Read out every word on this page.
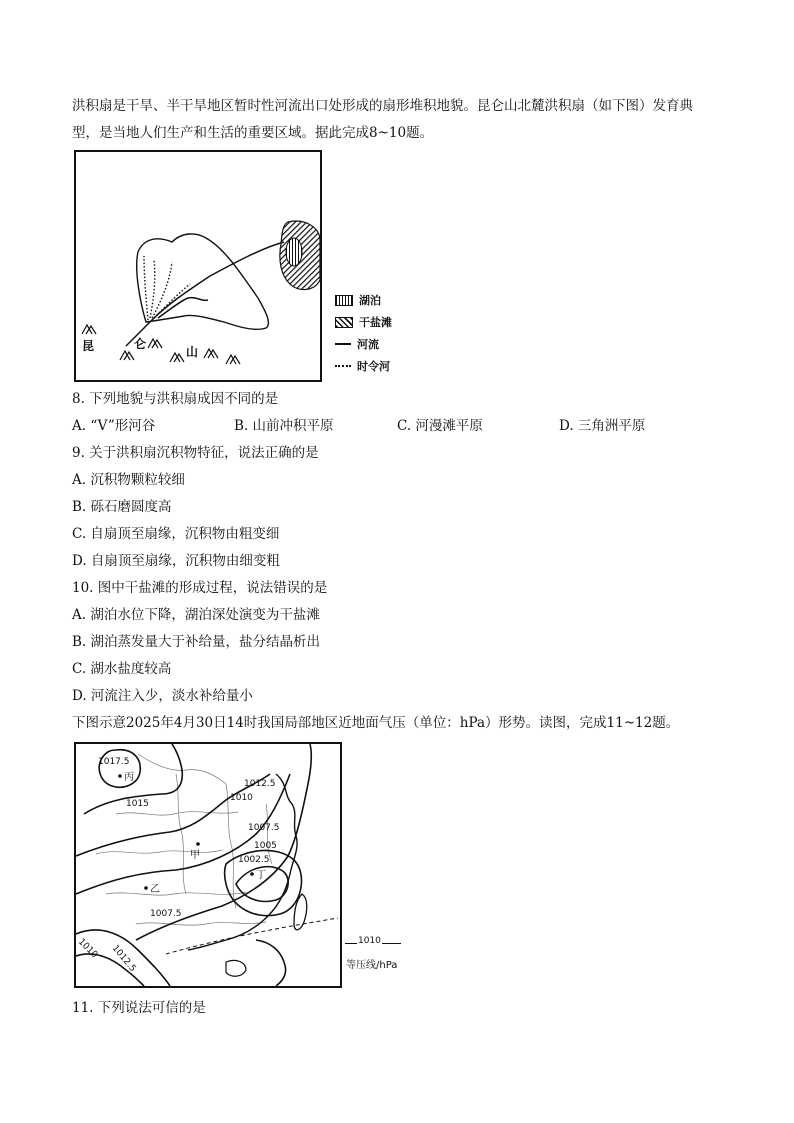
洪积扇是干旱、半干旱地区暂时性河流出口处形成的扇形堆积地貌。昆仑山北麓洪积扇（如下图）发育典
型，是当地人们生产和生活的重要区域。据此完成8~10题。
昆	仑
山
湖泊
干盐滩
河流
时令河
8. 下列地貌与洪积扇成因不同的是
A. “V”形河谷	B. 山前冲积平原	C. 河漫滩平原	D. 三角洲平原
9. 关于洪积扇沉积物特征，说法正确的是
A. 沉积物颗粒较细
B. 砾石磨圆度高
C. 自扇顶至扇缘，沉积物由粗变细
D. 自扇顶至扇缘，沉积物由细变粗
10. 图中干盐滩的形成过程，说法错误的是
A. 湖泊水位下降，湖泊深处演变为干盐滩
B. 湖泊蒸发量大于补给量，盐分结晶析出
C. 湖水盐度较高
D. 河流注入少，淡水补给量小
下图示意2025年4月30日14时我国局部地区近地面气压（单位：hPa）形势。读图，完成11~12题。
1017.5
1015
1012.5
1010
1007.5
1005
1002.5
1007.5
1012.5
1010
丙
甲
乙
丁
1010
等压线/hPa
11. 下列说法可信的是
